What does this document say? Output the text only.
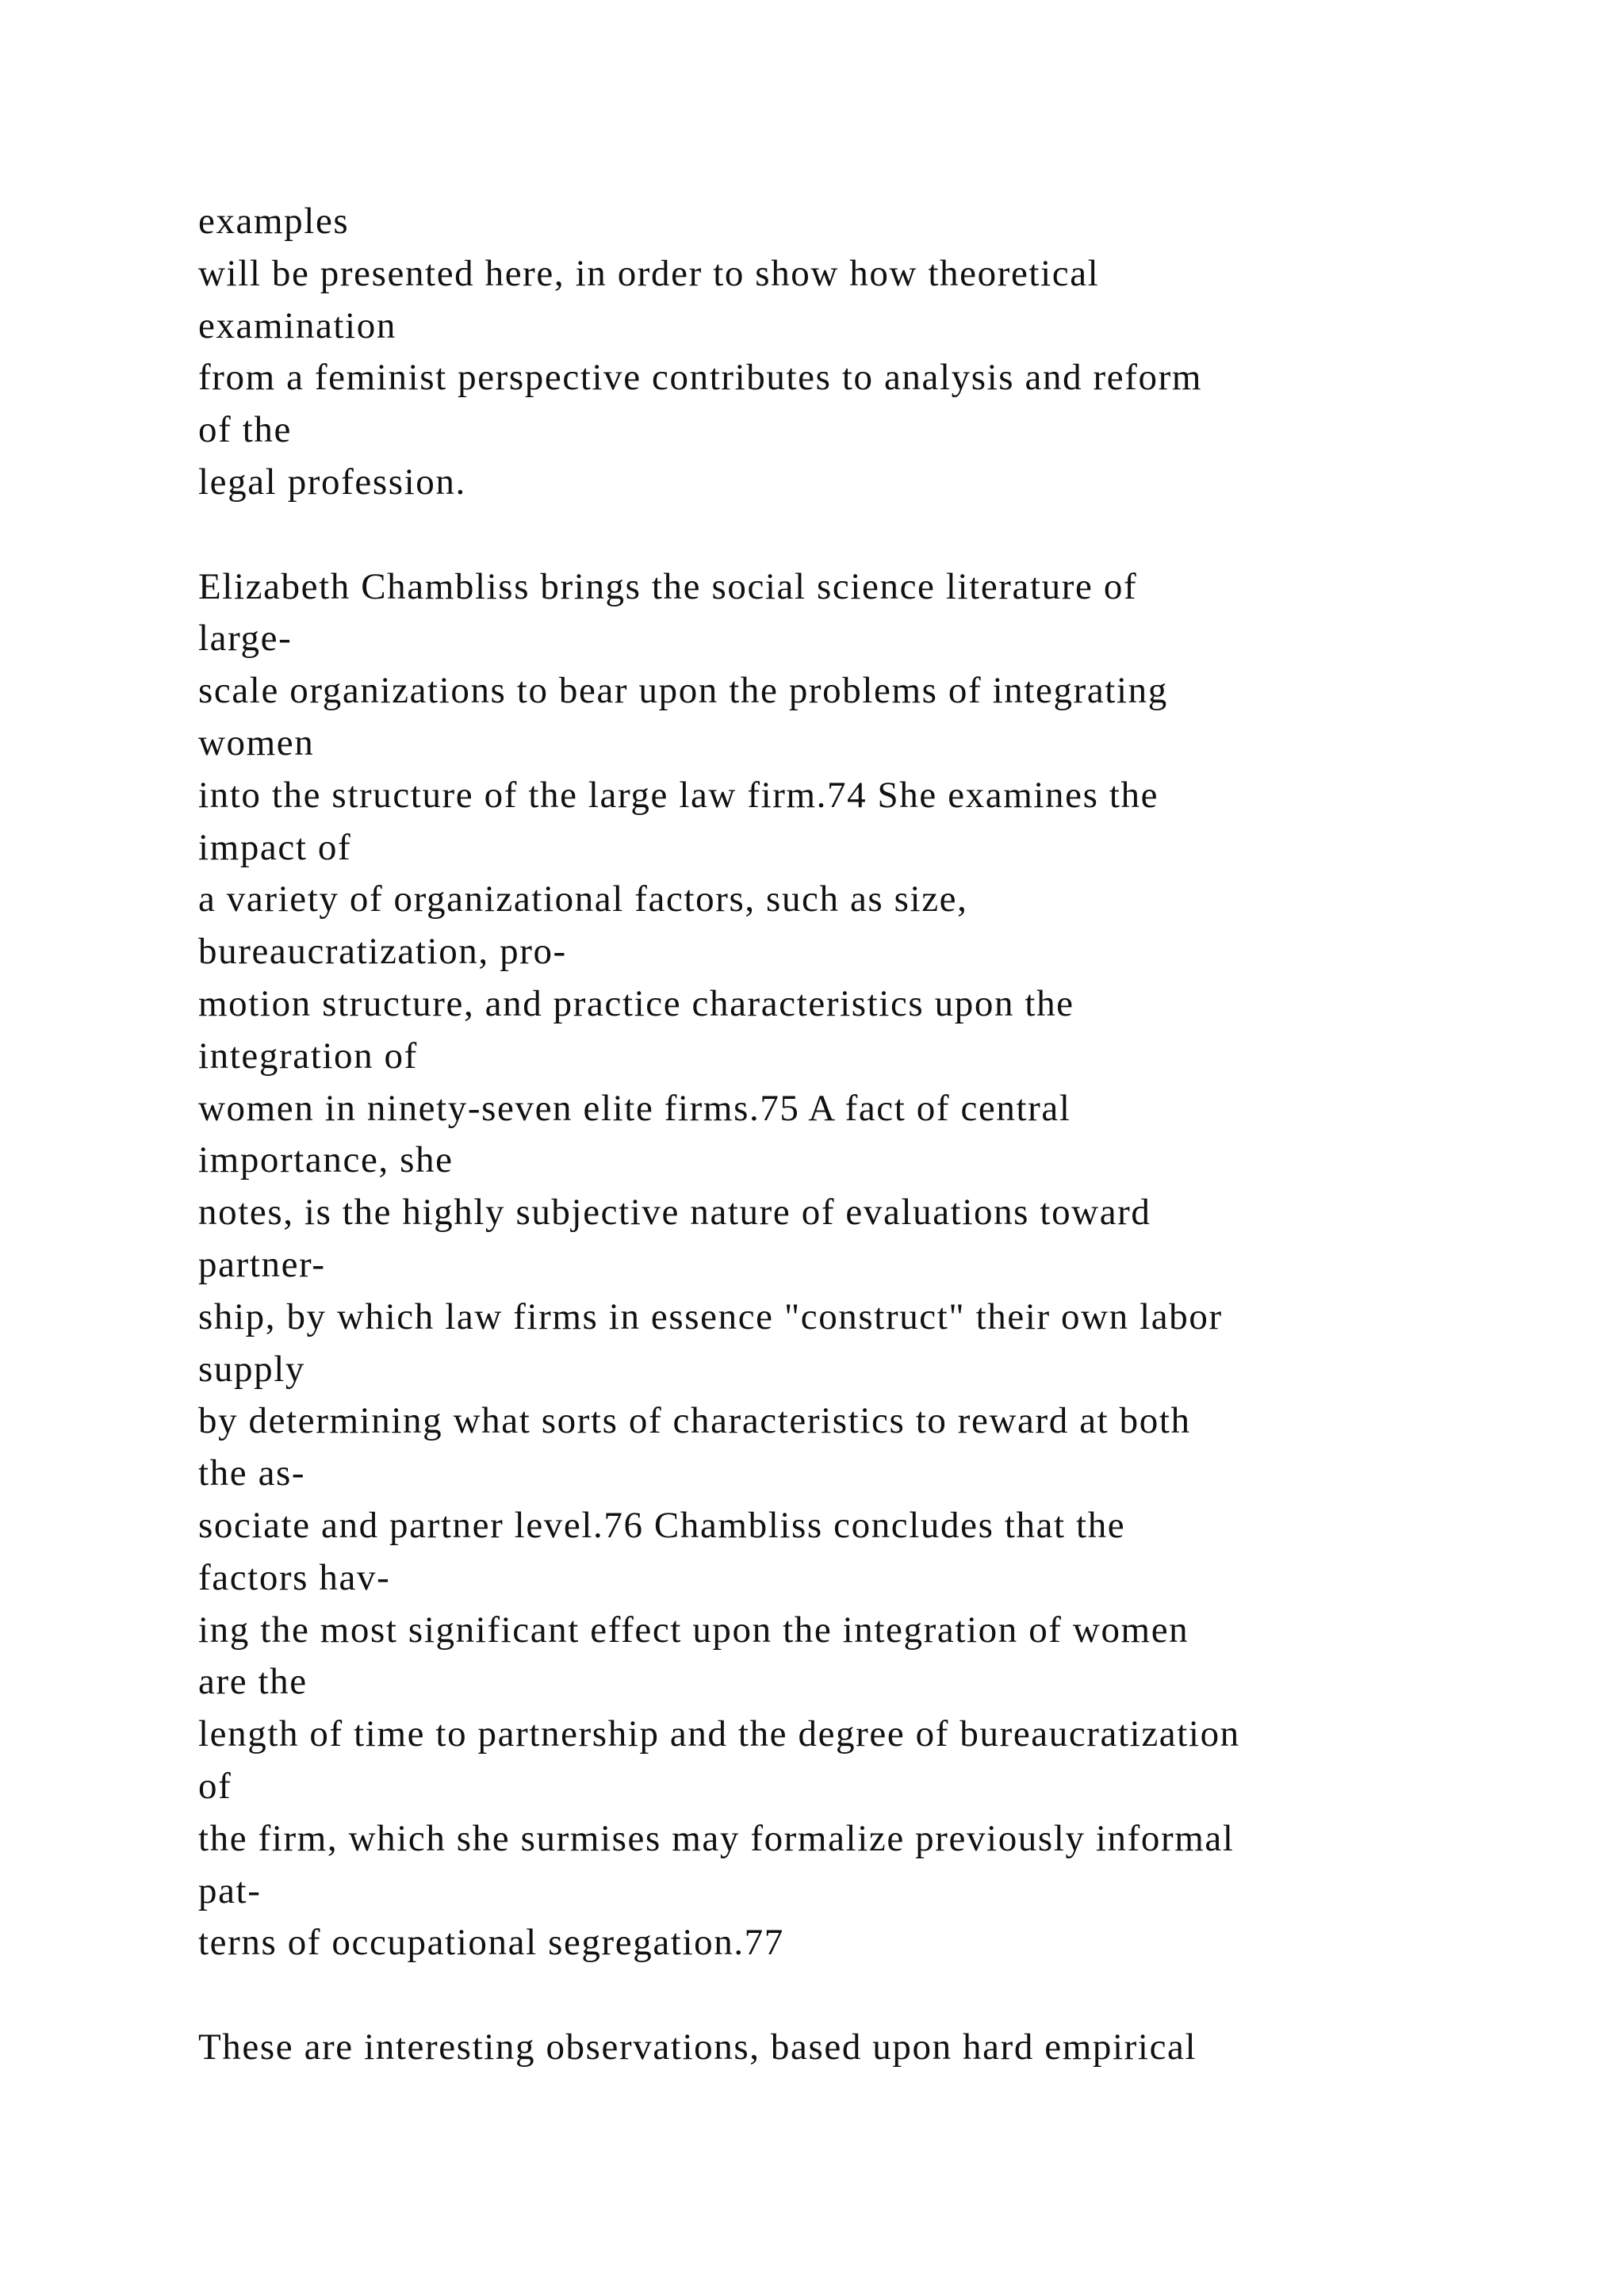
examples
will be presented here, in order to show how theoretical
examination
from a feminist perspective contributes to analysis and reform
of the
legal profession.
Elizabeth Chambliss brings the social science literature of
large-
scale organizations to bear upon the problems of integrating
women
into the structure of the large law firm.74 She examines the
impact of
a variety of organizational factors, such as size,
bureaucratization, pro-
motion structure, and practice characteristics upon the
integration of
women in ninety-seven elite firms.75 A fact of central
importance, she
notes, is the highly subjective nature of evaluations toward
partner-
ship, by which law firms in essence "construct" their own labor
supply
by determining what sorts of characteristics to reward at both
the as-
sociate and partner level.76 Chambliss concludes that the
factors hav-
ing the most significant effect upon the integration of women
are the
length of time to partnership and the degree of bureaucratization
of
the firm, which she surmises may formalize previously informal
pat-
terns of occupational segregation.77
These are interesting observations, based upon hard empirical
